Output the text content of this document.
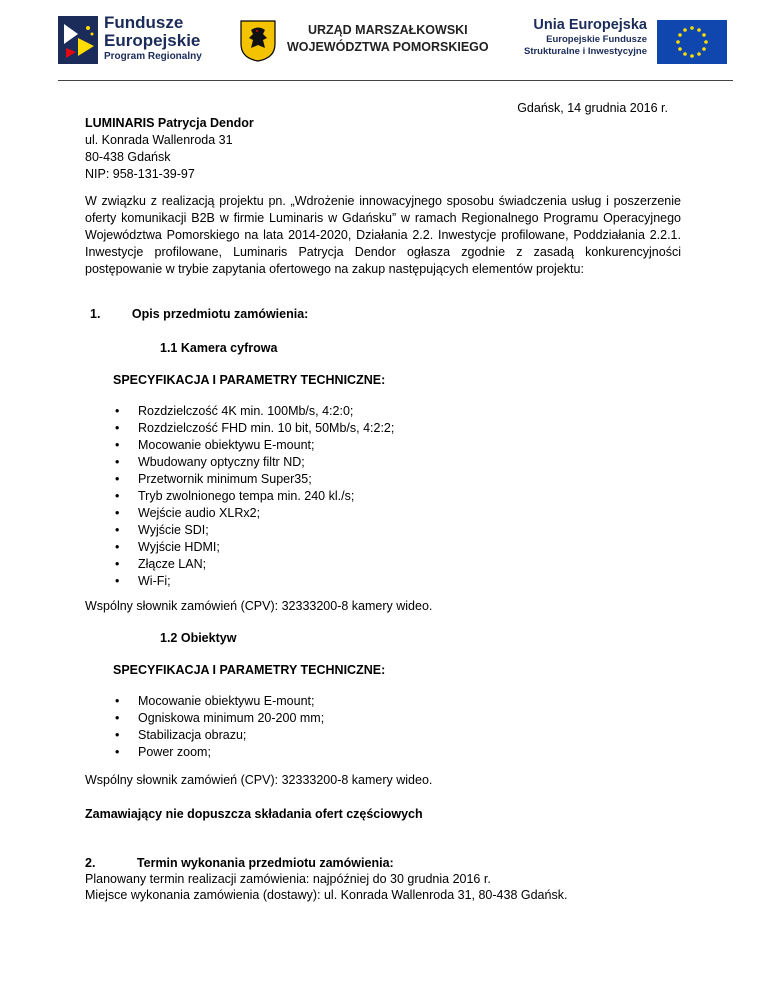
Fundusze
Europejskie
Program Regionalny
URZĄD MARSZAŁKOWSKI
WOJEWÓDZTWA POMORSKIEGO
Unia Europejska
Europejskie Fundusze
Strukturalne i Inwestycyjne
Gdańsk, 14 grudnia 2016 r.
LUMINARIS Patrycja Dendor
ul. Konrada Wallenroda 31
80-438 Gdańsk
NIP: 958-131-39-97
W związku z realizacją projektu pn. „Wdrożenie innowacyjnego sposobu świadczenia usług i poszerzenie oferty komunikacji B2B w firmie Luminaris w Gdańsku” w ramach Regionalnego Programu Operacyjnego Województwa Pomorskiego na lata 2014-2020, Działania 2.2. Inwestycje profilowane, Poddziałania 2.2.1. Inwestycje profilowane, Luminaris Patrycja Dendor ogłasza zgodnie z zasadą konkurencyjności postępowanie w trybie zapytania ofertowego na zakup następujących elementów projektu:
1.	Opis przedmiotu zamówienia:
1.1 Kamera cyfrowa
SPECYFIKACJA I PARAMETRY TECHNICZNE:
• Rozdzielczość 4K min. 100Mb/s, 4:2:0;
• Rozdzielczość FHD min. 10 bit, 50Mb/s, 4:2:2;
• Mocowanie obiektywu E-mount;
• Wbudowany optyczny filtr ND;
• Przetwornik minimum Super35;
• Tryb zwolnionego tempa min. 240 kl./s;
• Wejście audio XLRx2;
• Wyjście SDI;
• Wyjście HDMI;
• Złącze LAN;
• Wi-Fi;
Wspólny słownik zamówień (CPV): 32333200-8 kamery wideo.
1.2 Obiektyw
SPECYFIKACJA I PARAMETRY TECHNICZNE:
• Mocowanie obiektywu E-mount;
• Ogniskowa minimum 20-200 mm;
• Stabilizacja obrazu;
• Power zoom;
Wspólny słownik zamówień (CPV): 32333200-8 kamery wideo.
Zamawiający nie dopuszcza składania ofert częściowych
2.	Termin wykonania przedmiotu zamówienia:
Planowany termin realizacji zamówienia: najpóźniej do 30 grudnia 2016 r.
Miejsce wykonania zamówienia (dostawy): ul. Konrada Wallenroda 31, 80-438 Gdańsk.
